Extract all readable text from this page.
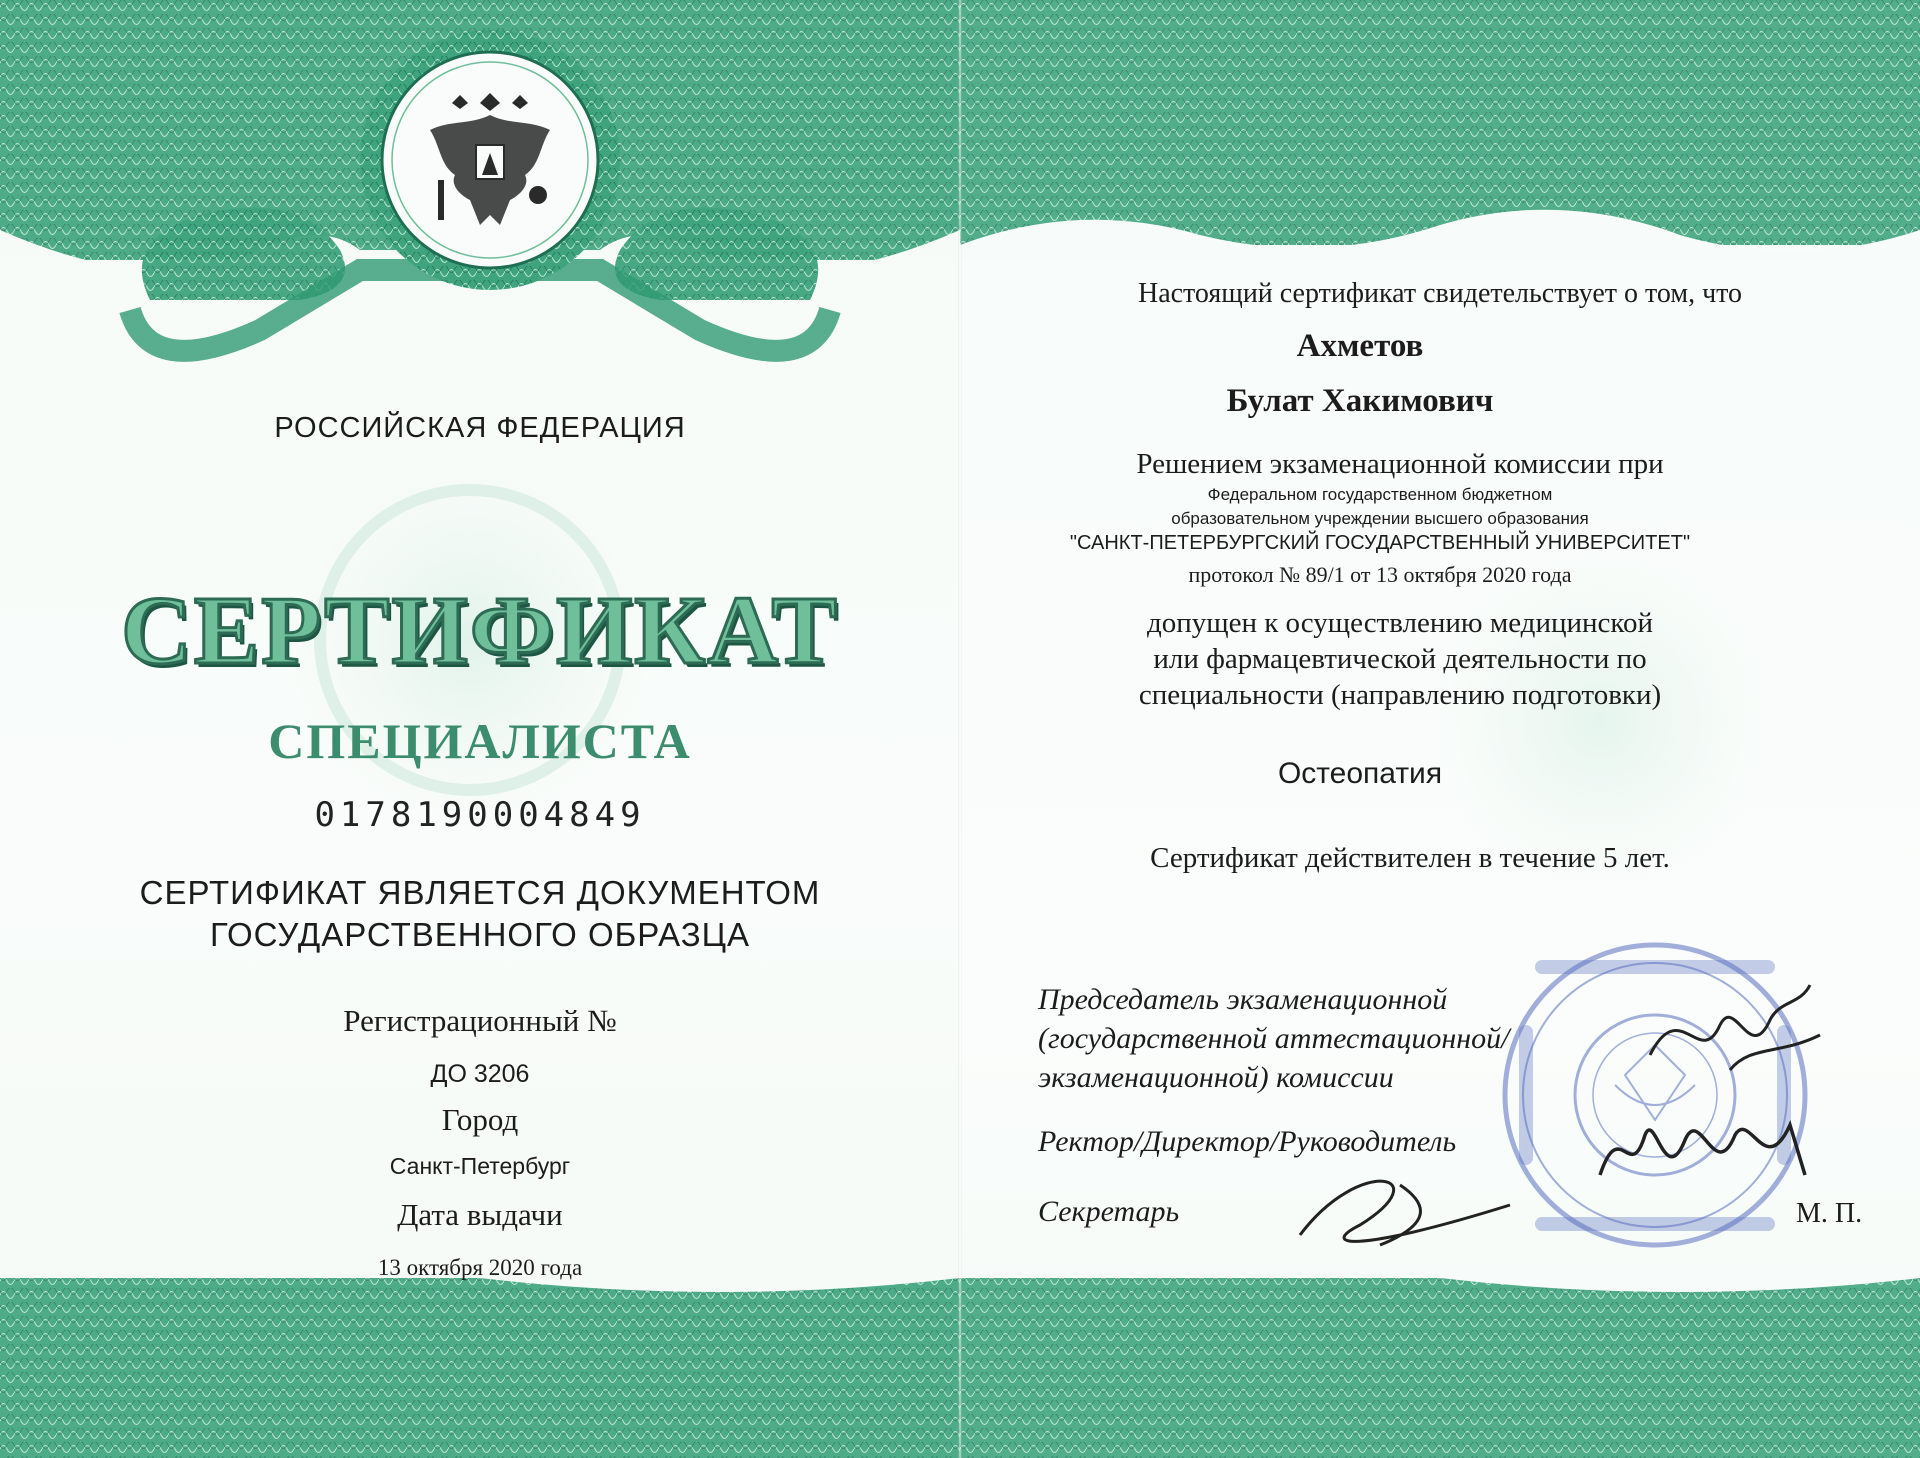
РОССИЙСКАЯ ФЕДЕРАЦИЯ
СЕРТИФИКАТ
СПЕЦИАЛИСТА
0178190004849
СЕРТИФИКАТ ЯВЛЯЕТСЯ ДОКУМЕНТОМ
ГОСУДАРСТВЕННОГО ОБРАЗЦА
Регистрационный №
ДО 3206
Город
Санкт-Петербург
Дата выдачи
13 октября 2020 года
Настоящий сертификат свидетельствует о том, что
Ахметов
Булат Хакимович
Решением экзаменационной комиссии при
Федеральном государственном бюджетном
образовательном учреждении высшего образования
"САНКТ-ПЕТЕРБУРГСКИЙ ГОСУДАРСТВЕННЫЙ УНИВЕРСИТЕТ"
протокол № 89/1 от 13 октября 2020 года
допущен к осуществлению медицинской
или фармацевтической деятельности по
специальности (направлению подготовки)
Остеопатия
Сертификат действителен в течение 5 лет.
Председатель экзаменационной
(государственной аттестационной/
экзаменационной) комиссии
Ректор/Директор/Руководитель
Секретарь	М. П.
